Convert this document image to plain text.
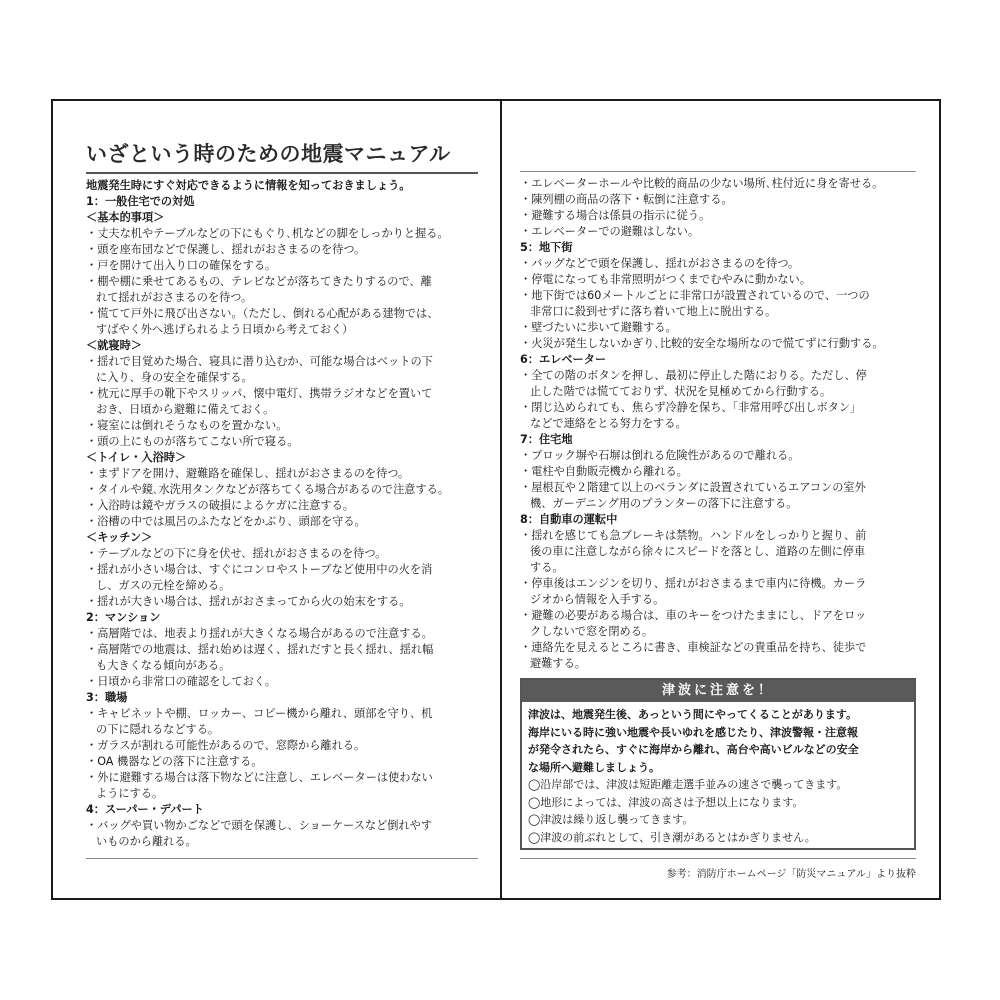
いざという時のための地震マニュアル
地震発生時にすぐ対応できるように情報を知っておきましょう。
1：一般住宅での対処
＜基本的事項＞
・丈夫な机やテーブルなどの下にもぐり､机などの脚をしっかりと握る。
・頭を座布団などで保護し、揺れがおさまるのを待つ。
・戸を開けて出入り口の確保をする。
・棚や棚に乗せてあるもの、テレビなどが落ちてきたりするので、離
れて揺れがおさまるのを待つ。
・慌てて戸外に飛び出さない。（ただし、倒れる心配がある建物では、
すばやく外へ逃げられるよう日頃から考えておく）
＜就寝時＞
・揺れで目覚めた場合、寝具に潜り込むか、可能な場合はベットの下
に入り、身の安全を確保する。
・枕元に厚手の靴下やスリッパ、懐中電灯、携帯ラジオなどを置いて
おき、日頃から避難に備えておく。
・寝室には倒れそうなものを置かない。
・頭の上にものが落ちてこない所で寝る。
＜トイレ・入浴時＞
・まずドアを開け、避難路を確保し、揺れがおさまるのを待つ。
・タイルや鏡､水洗用タンクなどが落ちてくる場合があるので注意する。
・入浴時は鏡やガラスの破損によるケガに注意する。
・浴槽の中では風呂のふたなどをかぶり、頭部を守る。
＜キッチン＞
・テーブルなどの下に身を伏せ、揺れがおさまるのを待つ。
・揺れが小さい場合は、すぐにコンロやストーブなど使用中の火を消
し、ガスの元栓を締める。
・揺れが大きい場合は、揺れがおさまってから火の始末をする。
2：マンション
・高層階では、地表より揺れが大きくなる場合があるので注意する。
・高層階での地震は、揺れ始めは遅く、揺れだすと長く揺れ、揺れ幅
も大きくなる傾向がある。
・日頃から非常口の確認をしておく。
3：職場
・キャビネットや棚、ロッカー、コピー機から離れ、頭部を守り、机
の下に隠れるなどする。
・ガラスが割れる可能性があるので、窓際から離れる。
・OA 機器などの落下に注意する。
・外に避難する場合は落下物などに注意し、エレベーターは使わない
ようにする。
4：スーパー・デパート
・バッグや買い物かごなどで頭を保護し、ショーケースなど倒れやす
いものから離れる。
・エレベーターホールや比較的商品の少ない場所､柱付近に身を寄せる。
・陳列棚の商品の落下・転倒に注意する。
・避難する場合は係員の指示に従う。
・エレベーターでの避難はしない。
5：地下街
・バッグなどで頭を保護し、揺れがおさまるのを待つ。
・停電になっても非常照明がつくまでむやみに動かない。
・地下街では60メートルごとに非常口が設置されているので、一つの
非常口に殺到せずに落ち着いて地上に脱出する。
・壁づたいに歩いて避難する。
・火災が発生しないかぎり､比較的安全な場所なので慌てずに行動する。
6：エレベーター
・全ての階のボタンを押し、最初に停止した階におりる。ただし、停
止した階では慌てておりず、状況を見極めてから行動する。
・閉じ込められても、焦らず冷静を保ち、「非常用呼び出しボタン」
などで連絡をとる努力をする。
7：住宅地
・ブロック塀や石塀は倒れる危険性があるので離れる。
・電柱や自動販売機から離れる。
・屋根瓦や２階建て以上のベランダに設置されているエアコンの室外
機、ガーデニング用のプランターの落下に注意する。
8：自動車の運転中
・揺れを感じても急ブレーキは禁物。ハンドルをしっかりと握り、前
後の車に注意しながら徐々にスピードを落とし、道路の左側に停車
する。
・停車後はエンジンを切り、揺れがおさまるまで車内に待機。カーラ
ジオから情報を入手する。
・避難の必要がある場合は、車のキーをつけたままにし、ドアをロッ
クしないで窓を閉める。
・連絡先を見えるところに書き、車検証などの貴重品を持ち、徒歩で
避難する。
津波に注意を！
津波は、地震発生後、あっという間にやってくることがあります。
海岸にいる時に強い地震や長いゆれを感じたり、津波警報・注意報
が発令されたら、すぐに海岸から離れ、高台や高いビルなどの安全
な場所へ避難しましょう。
◯沿岸部では、津波は短距離走選手並みの速さで襲ってきます。
◯地形によっては、津波の高さは予想以上になります。
◯津波は繰り返し襲ってきます。
◯津波の前ぶれとして、引き潮があるとはかぎりません。
参考：消防庁ホームページ「防災マニュアル」より抜粋
